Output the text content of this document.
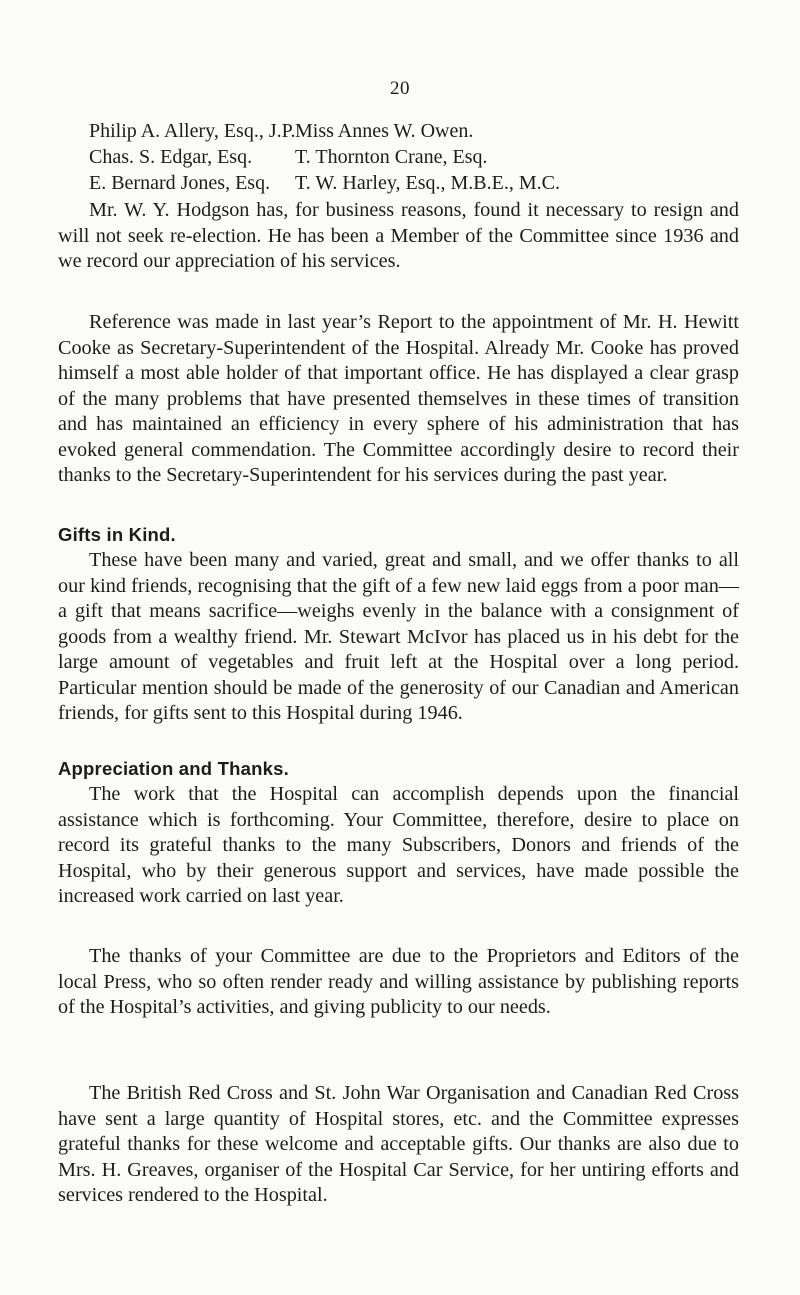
20
Philip A. Allery, Esq., J.P. Miss Annes W. Owen.
Chas. S. Edgar, Esq.	T. Thornton Crane, Esq.
E. Bernard Jones, Esq.	T. W. Harley, Esq., M.B.E., M.C.

Mr. W. Y. Hodgson has, for business reasons, found it necessary to resign and will not seek re-election. He has been a Member of the Committee since 1936 and we record our appreciation of his services.

Reference was made in last year’s Report to the appointment of Mr. H. Hewitt Cooke as Secretary-Superintendent of the Hospital. Already Mr. Cooke has proved himself a most able holder of that important office. He has displayed a clear grasp of the many problems that have presented themselves in these times of transition and has maintained an efficiency in every sphere of his administration that has evoked general commendation. The Committee accordingly desire to record their thanks to the Secretary-Superintendent for his services during the past year.

Gifts in Kind.

These have been many and varied, great and small, and we offer thanks to all our kind friends, recognising that the gift of a few new laid eggs from a poor man—a gift that means sacrifice—weighs evenly in the balance with a consignment of goods from a wealthy friend. Mr. Stewart McIvor has placed us in his debt for the large amount of vegetables and fruit left at the Hospital over a long period. Particular mention should be made of the generosity of our Canadian and American friends, for gifts sent to this Hospital during 1946.

Appreciation and Thanks.

The work that the Hospital can accomplish depends upon the financial assistance which is forthcoming. Your Committee, therefore, desire to place on record its grateful thanks to the many Subscribers, Donors and friends of the Hospital, who by their generous support and services, have made possible the increased work carried on last year.

The thanks of your Committee are due to the Proprietors and Editors of the local Press, who so often render ready and willing assistance by publishing reports of the Hospital’s activities, and giving publicity to our needs.

The British Red Cross and St. John War Organisation and Canadian Red Cross have sent a large quantity of Hospital stores, etc. and the Committee expresses grateful thanks for these welcome and acceptable gifts. Our thanks are also due to Mrs. H. Greaves, organiser of the Hospital Car Service, for her untiring efforts and services rendered to the Hospital.
